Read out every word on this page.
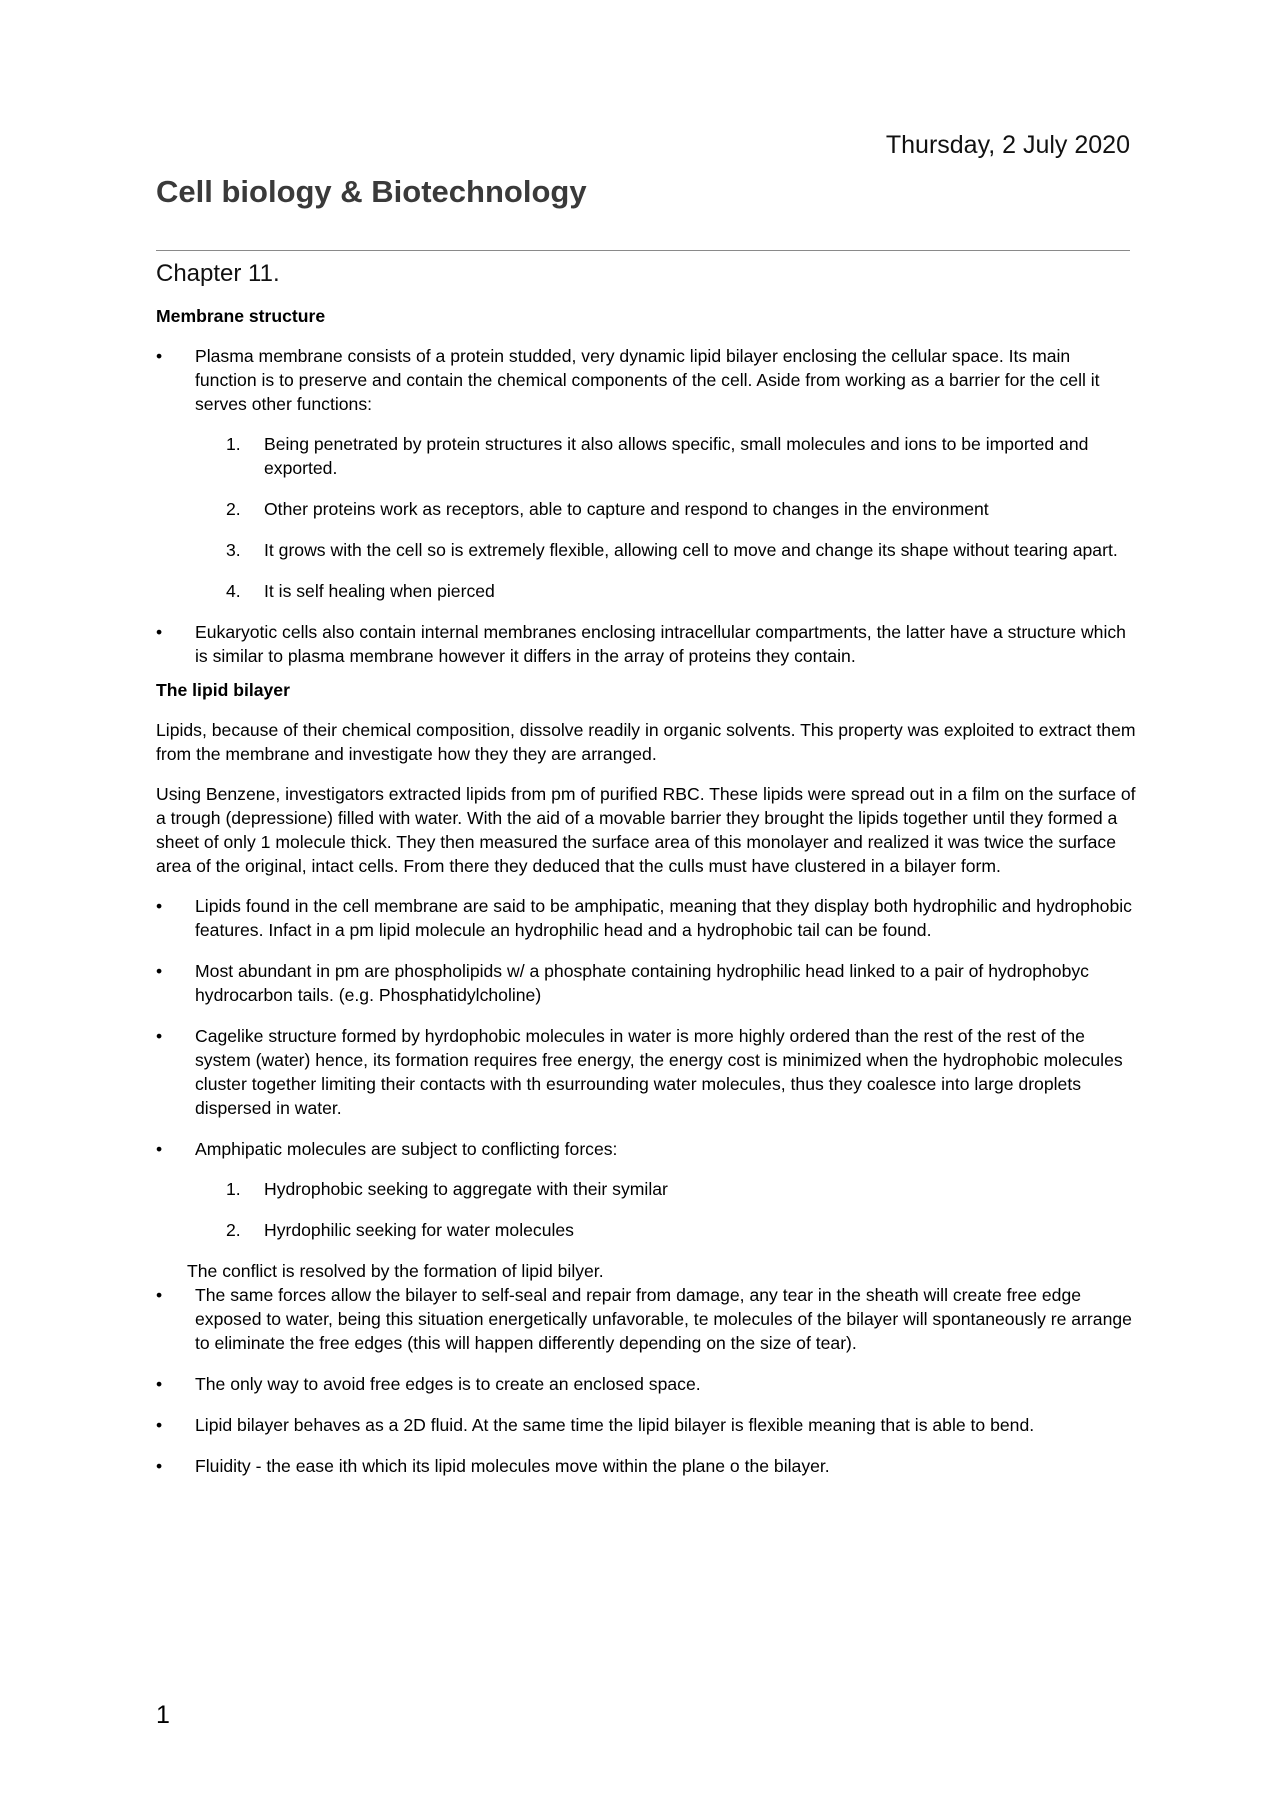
Thursday, 2 July 2020
Cell biology & Biotechnology
Chapter 11.
Membrane structure
• Plasma membrane consists of a protein studded, very dynamic lipid bilayer enclosing the cellular space. Its main function is to preserve and contain the chemical components of the cell. Aside from working as a barrier for the cell it serves other functions:
1. Being penetrated by protein structures it also allows specific, small molecules and ions to be imported and exported.
2. Other proteins work as receptors, able to capture and respond to changes in the environment
3. It grows with the cell so is extremely flexible, allowing cell to move and change its shape without tearing apart.
4. It is self healing when pierced
• Eukaryotic cells also contain internal membranes enclosing intracellular compartments, the latter have a structure which is similar to plasma membrane however it differs in the array of proteins they contain.
The lipid bilayer

Lipids, because of their chemical composition, dissolve readily in organic solvents. This property was exploited to extract them from the membrane and investigate how they they are arranged.

Using Benzene, investigators extracted lipids from pm of purified RBC. These lipids were spread out in a film on the surface of a trough (depressione) filled with water. With the aid of a movable barrier they brought the lipids together until they formed a sheet of only 1 molecule thick. They then measured the surface area of this monolayer and realized it was twice the surface area of the original, intact cells. From there they deduced that the culls must have clustered in a bilayer form.

• Lipids found in the cell membrane are said to be amphipatic, meaning that they display both hydrophilic and hydrophobic features. Infact in a pm lipid molecule an hydrophilic head and a hydrophobic tail can be found.
• Most abundant in pm are phospholipids w/ a phosphate containing hydrophilic head linked to a pair of hydrophobyc hydrocarbon tails. (e.g. Phosphatidylcholine)
• Cagelike structure formed by hyrdophobic molecules in water is more highly ordered than the rest of the rest of the system (water) hence, its formation requires free energy, the energy cost is minimized when the hydrophobic molecules cluster together limiting their contacts with th esurrounding water molecules, thus they coalesce into large droplets dispersed in water.
• Amphipatic molecules are subject to conflicting forces:
1. Hydrophobic seeking to aggregate with their symilar
2. Hyrdophilic seeking for water molecules

The conflict is resolved by the formation of lipid bilyer.

• The same forces allow the bilayer to self-seal and repair from damage, any tear in the sheath will create free edge exposed to water, being this situation energetically unfavorable, te molecules of the bilayer will spontaneously re arrange to eliminate the free edges (this will happen differently depending on the size of tear).
• The only way to avoid free edges is to create an enclosed space.
• Lipid bilayer behaves as a 2D fluid. At the same time the lipid bilayer is flexible meaning that is able to bend.
• Fluidity - the ease ith which its lipid molecules move within the plane o the bilayer.
1
